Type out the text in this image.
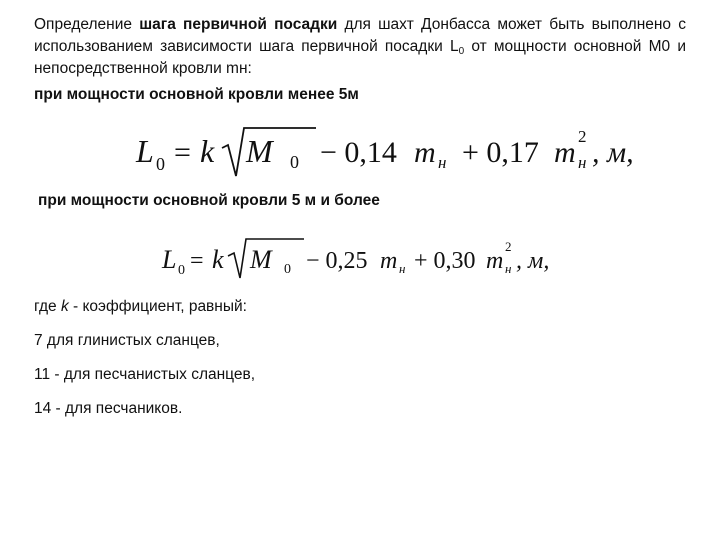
Определение шага первичной посадки для шахт Донбасса может быть выполнено с использованием зависимости шага первичной посадки $L_0$ от мощности основной М0 и непосредственной кровли mн:

при мощности основной кровли менее 5м
L 0 = k M 0 − 0,14 m н + 0,17 m н
2 , м,
при мощности основной кровли 5 м и более
L 0 = k M 0 − 0,25 m н + 0,30 m н
2
, м,
где k - коэффициент, равный:
7 для глинистых сланцев,
11 - для песчанистых сланцев,
14 - для песчаников.
